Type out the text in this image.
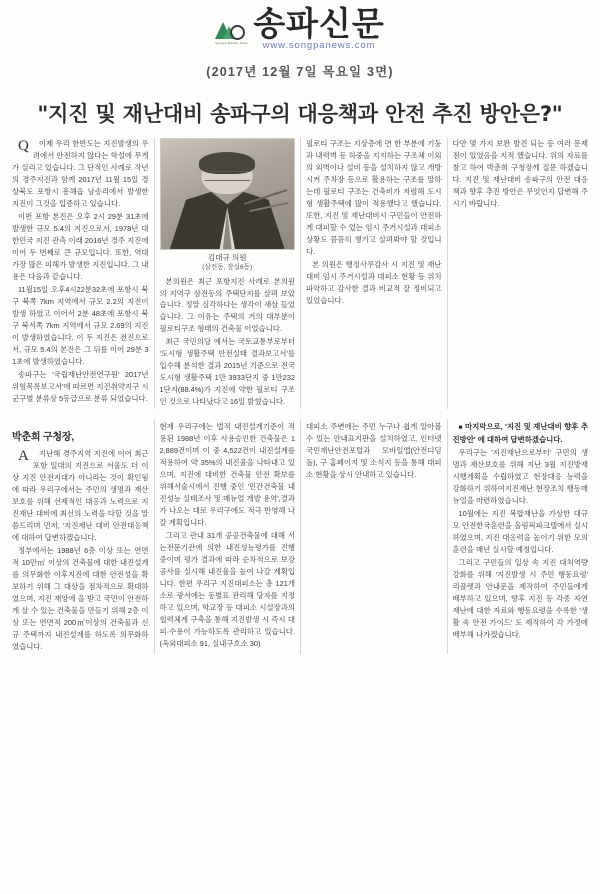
Songpa Weekly News 송파신문
www.songpanews.com
(2017년 12월 7일 목요일 3면)
"지진 및 재난대비 송파구의 대응책과 안전 추진 방안은?"
Q	이제 우리 한반도는 지진발생의 우려에서 안전하지 않다는 학설에 무게가 실리고 있습니다. 그 단적인 사례로 작년의 경주지진과 함께 2017년 11월 15일 경상북도 포항시 흥해읍 남송리에서 발생한 지진이 그것을 입증하고 있습니다.

이번 포항 본진은 오후 2시 29분 31초에 발생한 규모 5.4의 지진으로서, 1978년 대한민국 지진 관측 이래 2016년 경주 지진에 이어 두 번째로 큰 규모입니다. 또한, 역대 가장 많은 피해가 발생한 지진입니다. 그 내용은 다음과 같습니다.

11월15일 오후4시22분32초에 포항시 북구 북쪽 7km 지역에서 규모 2.2의 지진이 발생 하였고 이어서 2분 48초에 포항시 북구 북서쪽 7km 지역에서 규모 2.69의 지진이 발생하였습니다. 이 두 지진은 전진으로서, 규모 5.4의 본진은 그 뒤를 이어 29분 31초에 발생하였습니다.

송파구는 '국립재난안전연구원' 2017년 위험목록보고서'에 따르면 지진취약지구 시군구별 분류상 5등급으로 분류 되었습니다.

김대규 의원
(삼전동, 잠실6동)

본의원은 최근 포항지진 사례로 본의원의 지역구 삼전동의 주택단지를 살펴 보았습니다. 정말 심각하다는 생각이 새삼 들었습니다. 그 이유는 주택의 거의 대부분이 필로티구조 형태의 건축물 이었습니다.

최근 국민의당 에서는 국토교통부로부터 '도시형 생활주택 안전실태 결과보고서'를 입수해 분석한 결과 2015년 기준으로 전국 도시형 생활주택 1만 3933단지 중 1만2321단지(88.4%)가 지진에 약한 필로티 구조인 것으로 나타났다고 16일 밝혔습니다.

필로티 구조는 지상층에 면 한 부분에 기둥과 내력벽 등 하중을 지지하는 구조체 이외의 외벽이나 설비 등을 설치하지 않고 개방시켜 주차장 등으로 활용하는 구조를 말하는데 필로티 구조는 건축비가 저렴해 도시형 생활주택에 많이 적용했다고 했습니다. 또한, 지진 및 재난대비시 구민들이 안전하게 대피할 수 있는 임시 주거시설과 대피소 상황도 꼼꼼히 챙기고 살펴봐야 할 것입니다.

본 의원은 행정사무감사 시 지진 및 재난대비 임시 주거시설과 대피소 현황 등 위치 파악하고 감사한 결과 비교적 잘 정비되고 있었습니다.

다만 몇 가지 보완 발견 되는 등 여러 문제점이 있었음을 지적 했습니다. 위의 자료를 참고 하여 박춘희 구청장께 질문 하겠습니다. 지진 및 재난대비 송파구의 안전 대응책과 향후 추진 방안은 무엇인지 답변해 주시기 바랍니다.

박춘희 구청장,
A	지난해 경주지역 지진에 이어 최근 포항 일대의 지진으로 서울도 더 이상 지진 안전지대가 아니라는 것이 확인됨에 따라 우리구에서는 주민의 생명과 재산보호를 위해 선제적인 대응과 노력으로 지진재난 대비에 최선의 노력을 다할 것을 말씀드리며 먼저, '지진재난 대비 안전대응책 에 대하여 답변하겠습니다.

정부에서는 1988년 6층 이상 또는 연면적 10만㎡ 이상의 건축물에 대한 내진설계를 의무화한 이후지진에 대한 안전성을 확보하기 위해 그 대상을 점차적으로 확대하였으며, 지진 재앙에 을 받고 국민이 안전하게 살 수 있는 건축물을 만들기 위해 2층 이상 또는 연면적 200㎡이상의 건축물과 신규 주택까지 내진설계를 하도록 의무화하였습니다.

현재 우리구에는 법적 내진설계기준이 적용된 1988년 이후 사용승인한 건축물은 12,889건이며 이 중 4,522건이 내진설계를 적용하여 약 35%의 내진율을 나타내고 있으며, 지진에 대비한 건축물 안전 확보를 위해서술시에서 진행 중인 '민간건축물 내진성능 실태조사 및 매뉴얼 개발 용역',결과가 나오는 대로 우리구에도 적극 반영해 나갈 계획입니다.

그리고 관내 31개 공공건축물에 대해 서는전문기관에 의한 내진성능평가를 진행 중이며 평가 결과에 따라 순차적으로 보강공사를 실시해 내진율을 높여 나갈 계획입니다. 한편 우리구 지진대피소는 총 121개소로 광서에는 동별표 관리해 당자를 지정하고 있으며, 학교장 등 대피소 시설장과의 협력체계 구축을 통해 지진발생 시 즉시 대피·수용이 가능하도록 관리하고 있습니다. (옥외대피소 91, 실내구호소 30)

대피소 주변에는 주민 누구나 쉽게 알아볼 수 있는 안내표지판을 설치하였고, 인터넷 국민재난안전포털과 모바일앱(안전디딤돌), 구 홈페이지 및 소식지 등을 통해 대피소 현황을 상시 안내하고 있습니다.

■ 마지막으로, '지진 및 재난대비 향후 추진방안' 에 대하여 답변하겠습니다.

우리구는 '지진재난으로부터' 구민의 생명과 재산보호를 위해 지난 3월 지진방재 시행계획을 수립하였고 현장대응 능력을 강화하기 위하여지진재난 현장조치 행동매뉴얼을 마련하였습니다.

10월에는 지진 복합재난을 가상한 대규모 안전한국훈련을 올림픽파크텔에서 실시하였으며, 지진 대응력을 높이기 위한 모의훈련을 매년 실시할 예정입니다.

그리고 구민들의 일상 속 지진 대처역량 강화를 위해 '지진발생 시 주민 행동요령' 리플렛과 안내문을 제작하여 주민들에게 배부하고 있으며, 향후 지진 등 각종 자연재난에 대한 자료와 행동요령을 수록한 '생활 속 안전 가이드' 도 제작하여 각 가정에 배부해 나가겠습니다.
